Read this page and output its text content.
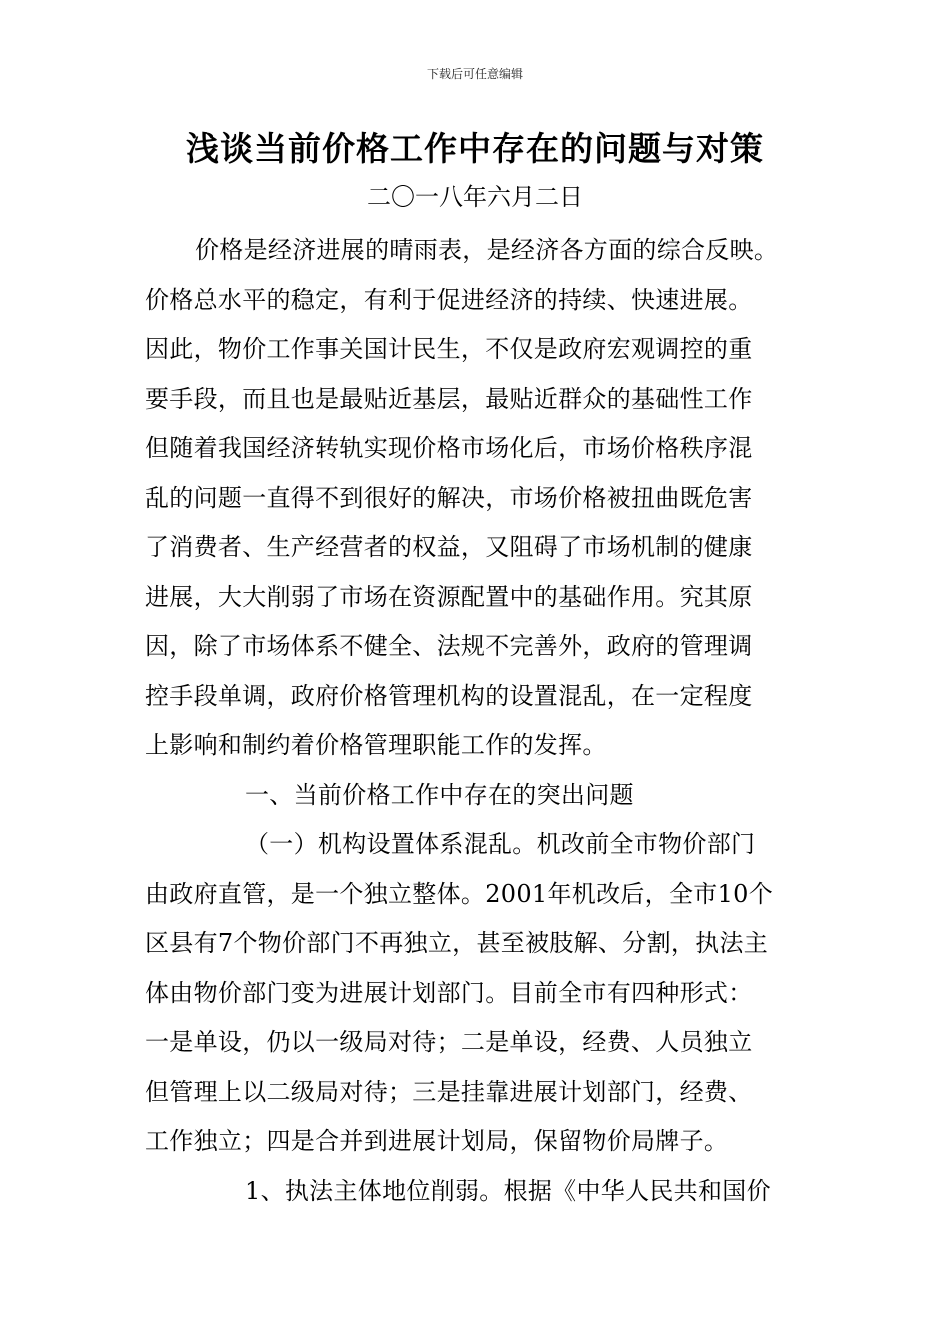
下载后可任意编辑
浅谈当前价格工作中存在的问题与对策
二〇一八年六月二日
价格是经济进展的晴雨表，是经济各方面的综合反映。
价格总水平的稳定，有利于促进经济的持续、快速进展。
因此，物价工作事关国计民生，不仅是政府宏观调控的重
要手段，而且也是最贴近基层，最贴近群众的基础性工作
但随着我国经济转轨实现价格市场化后，市场价格秩序混
乱的问题一直得不到很好的解决，市场价格被扭曲既危害
了消费者、生产经营者的权益，又阻碍了市场机制的健康
进展，大大削弱了市场在资源配置中的基础作用。究其原
因，除了市场体系不健全、法规不完善外，政府的管理调
控手段单调，政府价格管理机构的设置混乱，在一定程度
上影响和制约着价格管理职能工作的发挥。
一、当前价格工作中存在的突出问题
（一）机构设置体系混乱。机改前全市物价部门
由政府直管，是一个独立整体。2001年机改后，全市10个
区县有7个物价部门不再独立，甚至被肢解、分割，执法主
体由物价部门变为进展计划部门。目前全市有四种形式：
一是单设，仍以一级局对待；二是单设，经费、人员独立
但管理上以二级局对待；三是挂靠进展计划部门，经费、
工作独立；四是合并到进展计划局，保留物价局牌子。
1、执法主体地位削弱。根据《中华人民共和国价
